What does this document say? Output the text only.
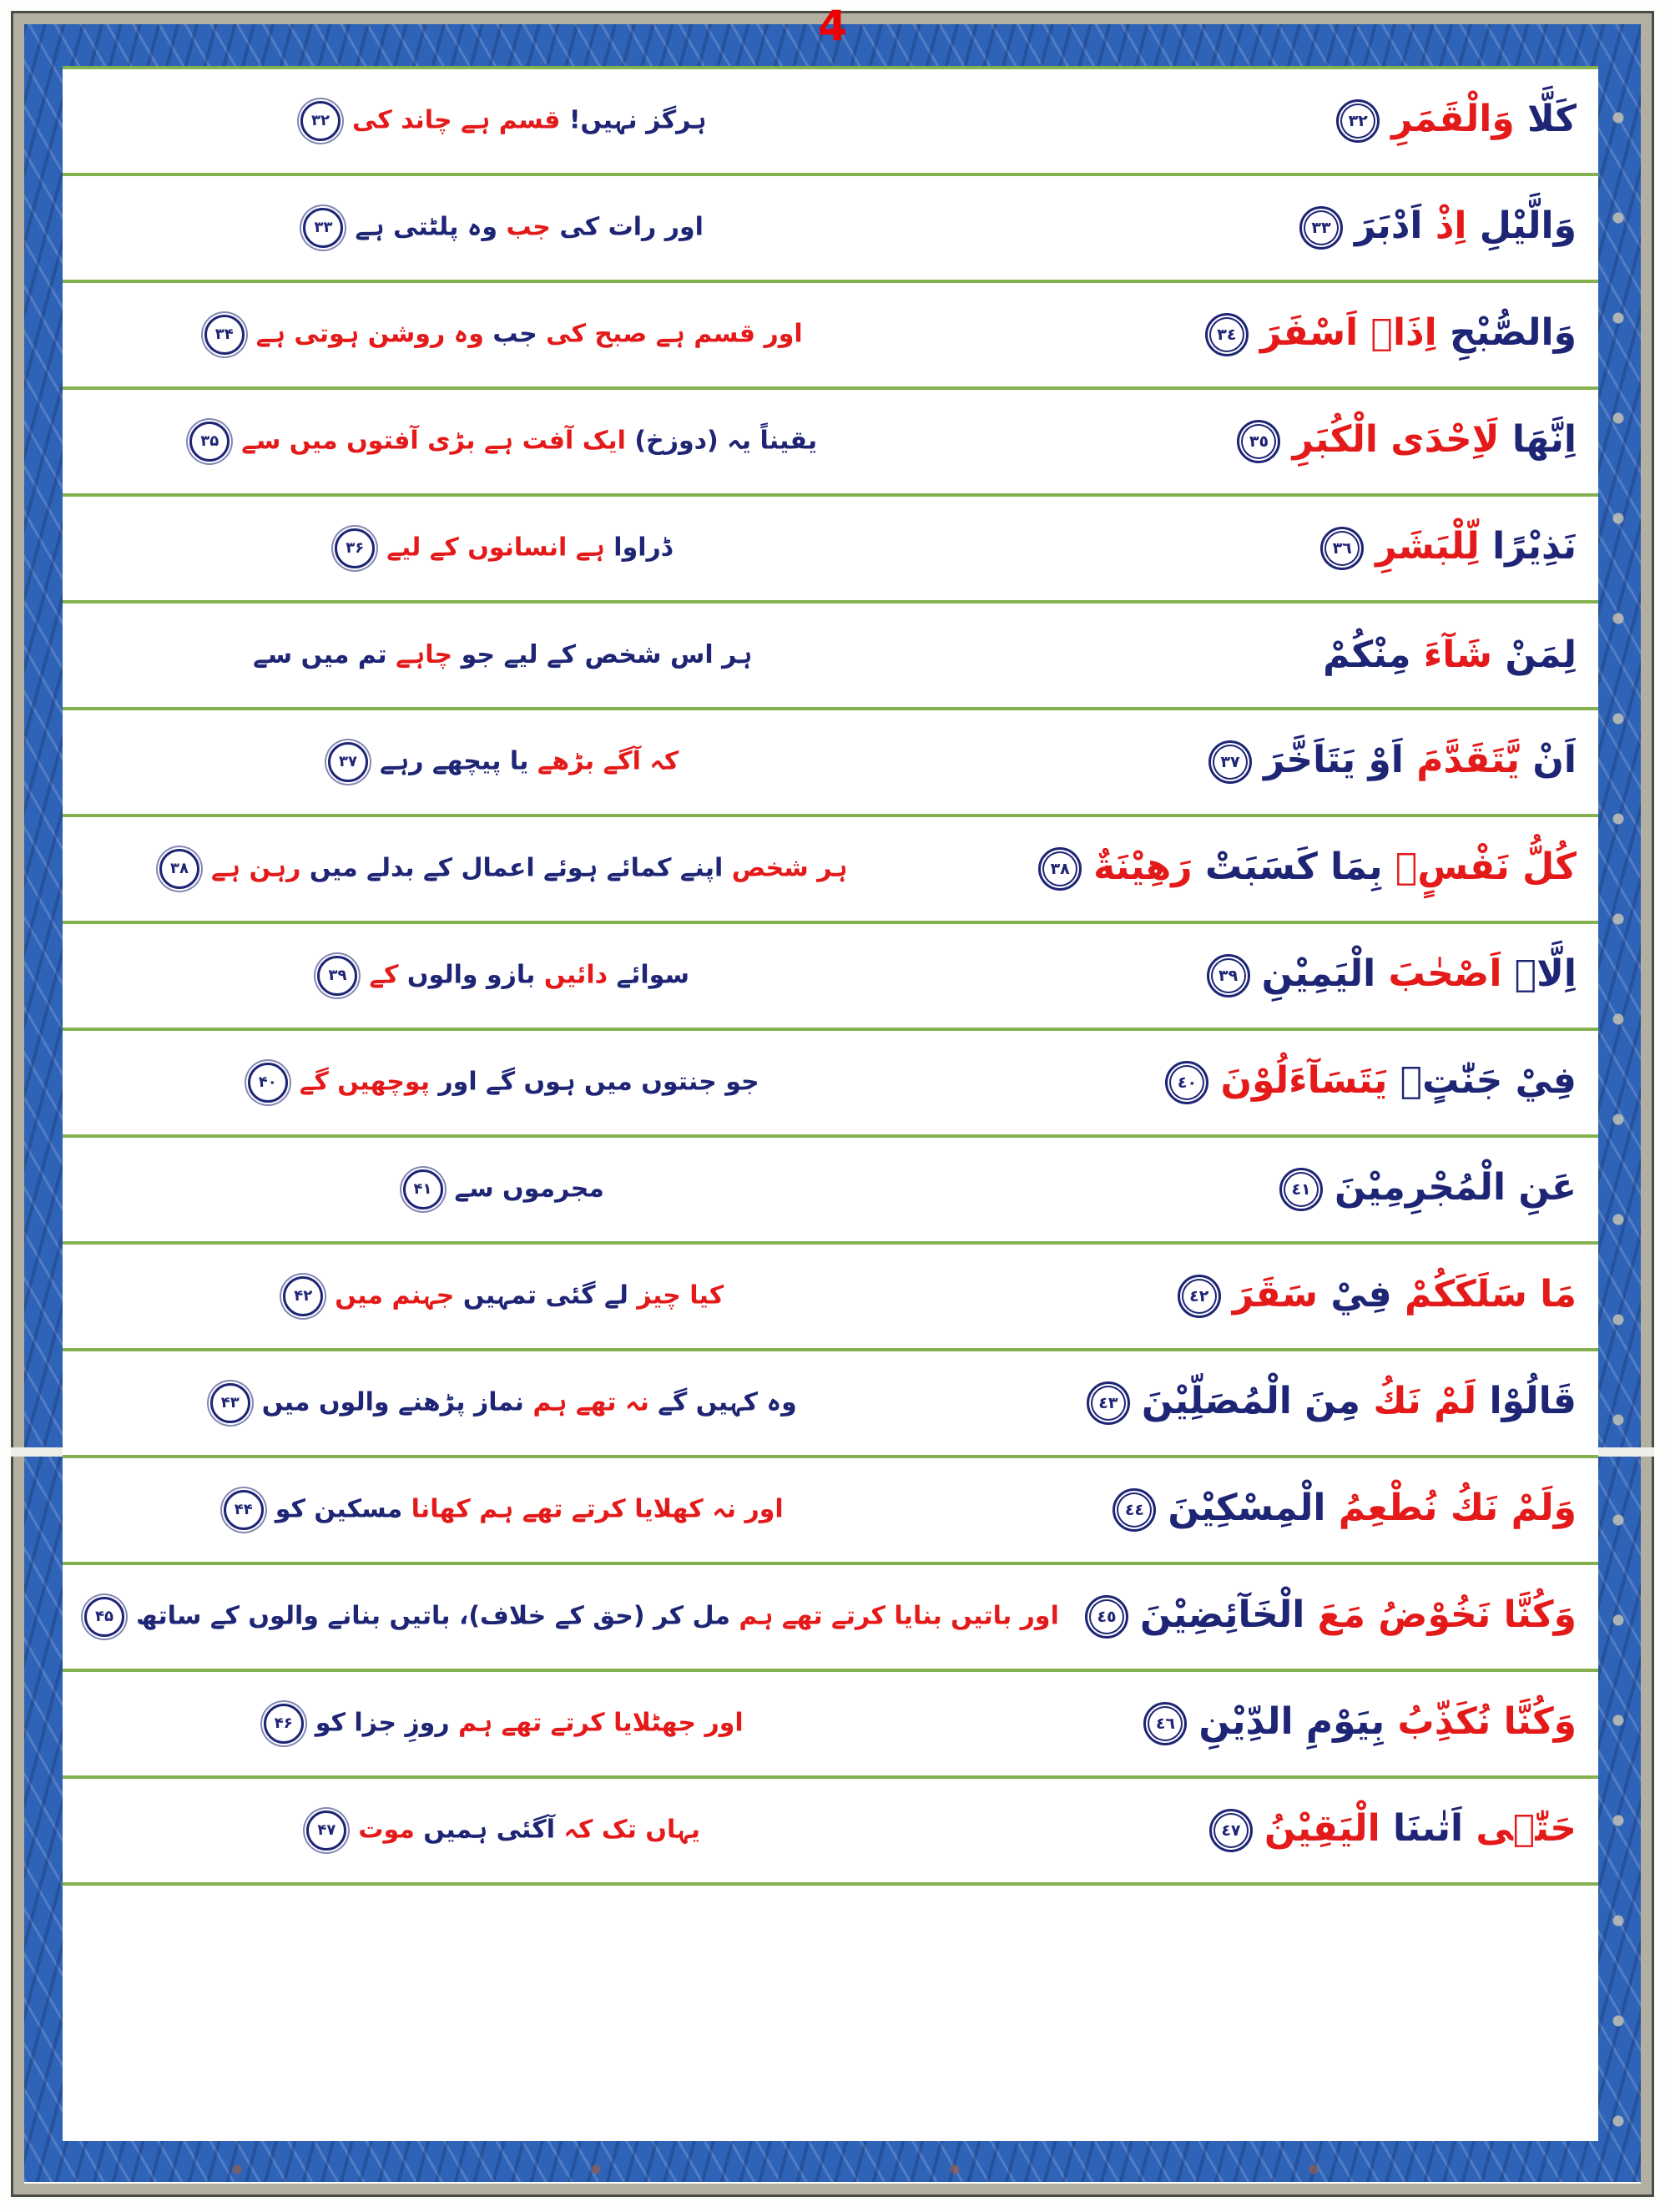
4
كَلَّا وَالْقَمَرِ٣٢
ہرگز نہیں! قسم ہے چاند کی۳۲
وَالَّيْلِ اِذْ اَدْبَرَ٣٣
اور رات کی جب وہ پلٹتی ہے۳۳
وَالصُّبْحِ اِذَاۤ اَسْفَرَ٣٤
اور قسم ہے صبح کی جب وہ روشن ہوتی ہے۳۴
اِنَّهَا لَاِحْدَى الْكُبَرِ٣٥
یقیناً یہ (دوزخ) ایک آفت ہے بڑی آفتوں میں سے۳۵
نَذِيْرًا لِّلْبَشَرِ٣٦
ڈراوا ہے انسانوں کے لیے۳۶
لِمَنْ شَآءَ مِنْكُمْ
ہر اس شخص کے لیے جو چاہے تم میں سے
اَنْ يَّتَقَدَّمَ اَوْ يَتَاَخَّرَ٣٧
کہ آگے بڑھے یا پیچھے رہے۳۷
كُلُّ نَفْسٍۭ بِمَا كَسَبَتْ رَهِيْنَةٌ٣٨
ہر شخص اپنے کمائے ہوئے اعمال کے بدلے میں رہن ہے۳۸
اِلَّاۤ اَصْحٰبَ الْيَمِيْنِ٣٩
سوائے دائیں بازو والوں کے۳۹
فِيْ جَنّٰتٍۘ يَتَسَآءَلُوْنَ٤٠
جو جنتوں میں ہوں گے اور پوچھیں گے۴۰
عَنِ الْمُجْرِمِيْنَ٤١
مجرموں سے۴۱
مَا سَلَكَكُمْ فِيْ سَقَرَ٤٢
کیا چیز لے گئی تمہیں جہنم میں۴۲
قَالُوْا لَمْ نَكُ مِنَ الْمُصَلِّيْنَ٤٣
وہ کہیں گے نہ تھے ہم نماز پڑھنے والوں میں۴۳
وَلَمْ نَكُ نُطْعِمُ الْمِسْكِيْنَ٤٤
اور نہ کھلایا کرتے تھے ہم کھانا مسکین کو۴۴
وَكُنَّا نَخُوْضُ مَعَ الْخَآئِضِيْنَ٤٥
اور باتیں بنایا کرتے تھے ہم مل کر (حق کے خلاف)، باتیں بنانے والوں کے ساتھ۴۵
وَكُنَّا نُكَذِّبُ بِيَوْمِ الدِّيْنِ٤٦
اور جھٹلایا کرتے تھے ہم روزِ جزا کو۴۶
حَتّٰۤى اَتٰىنَا الْيَقِيْنُ٤٧
یہاں تک کہ آگئی ہمیں موت۴۷
